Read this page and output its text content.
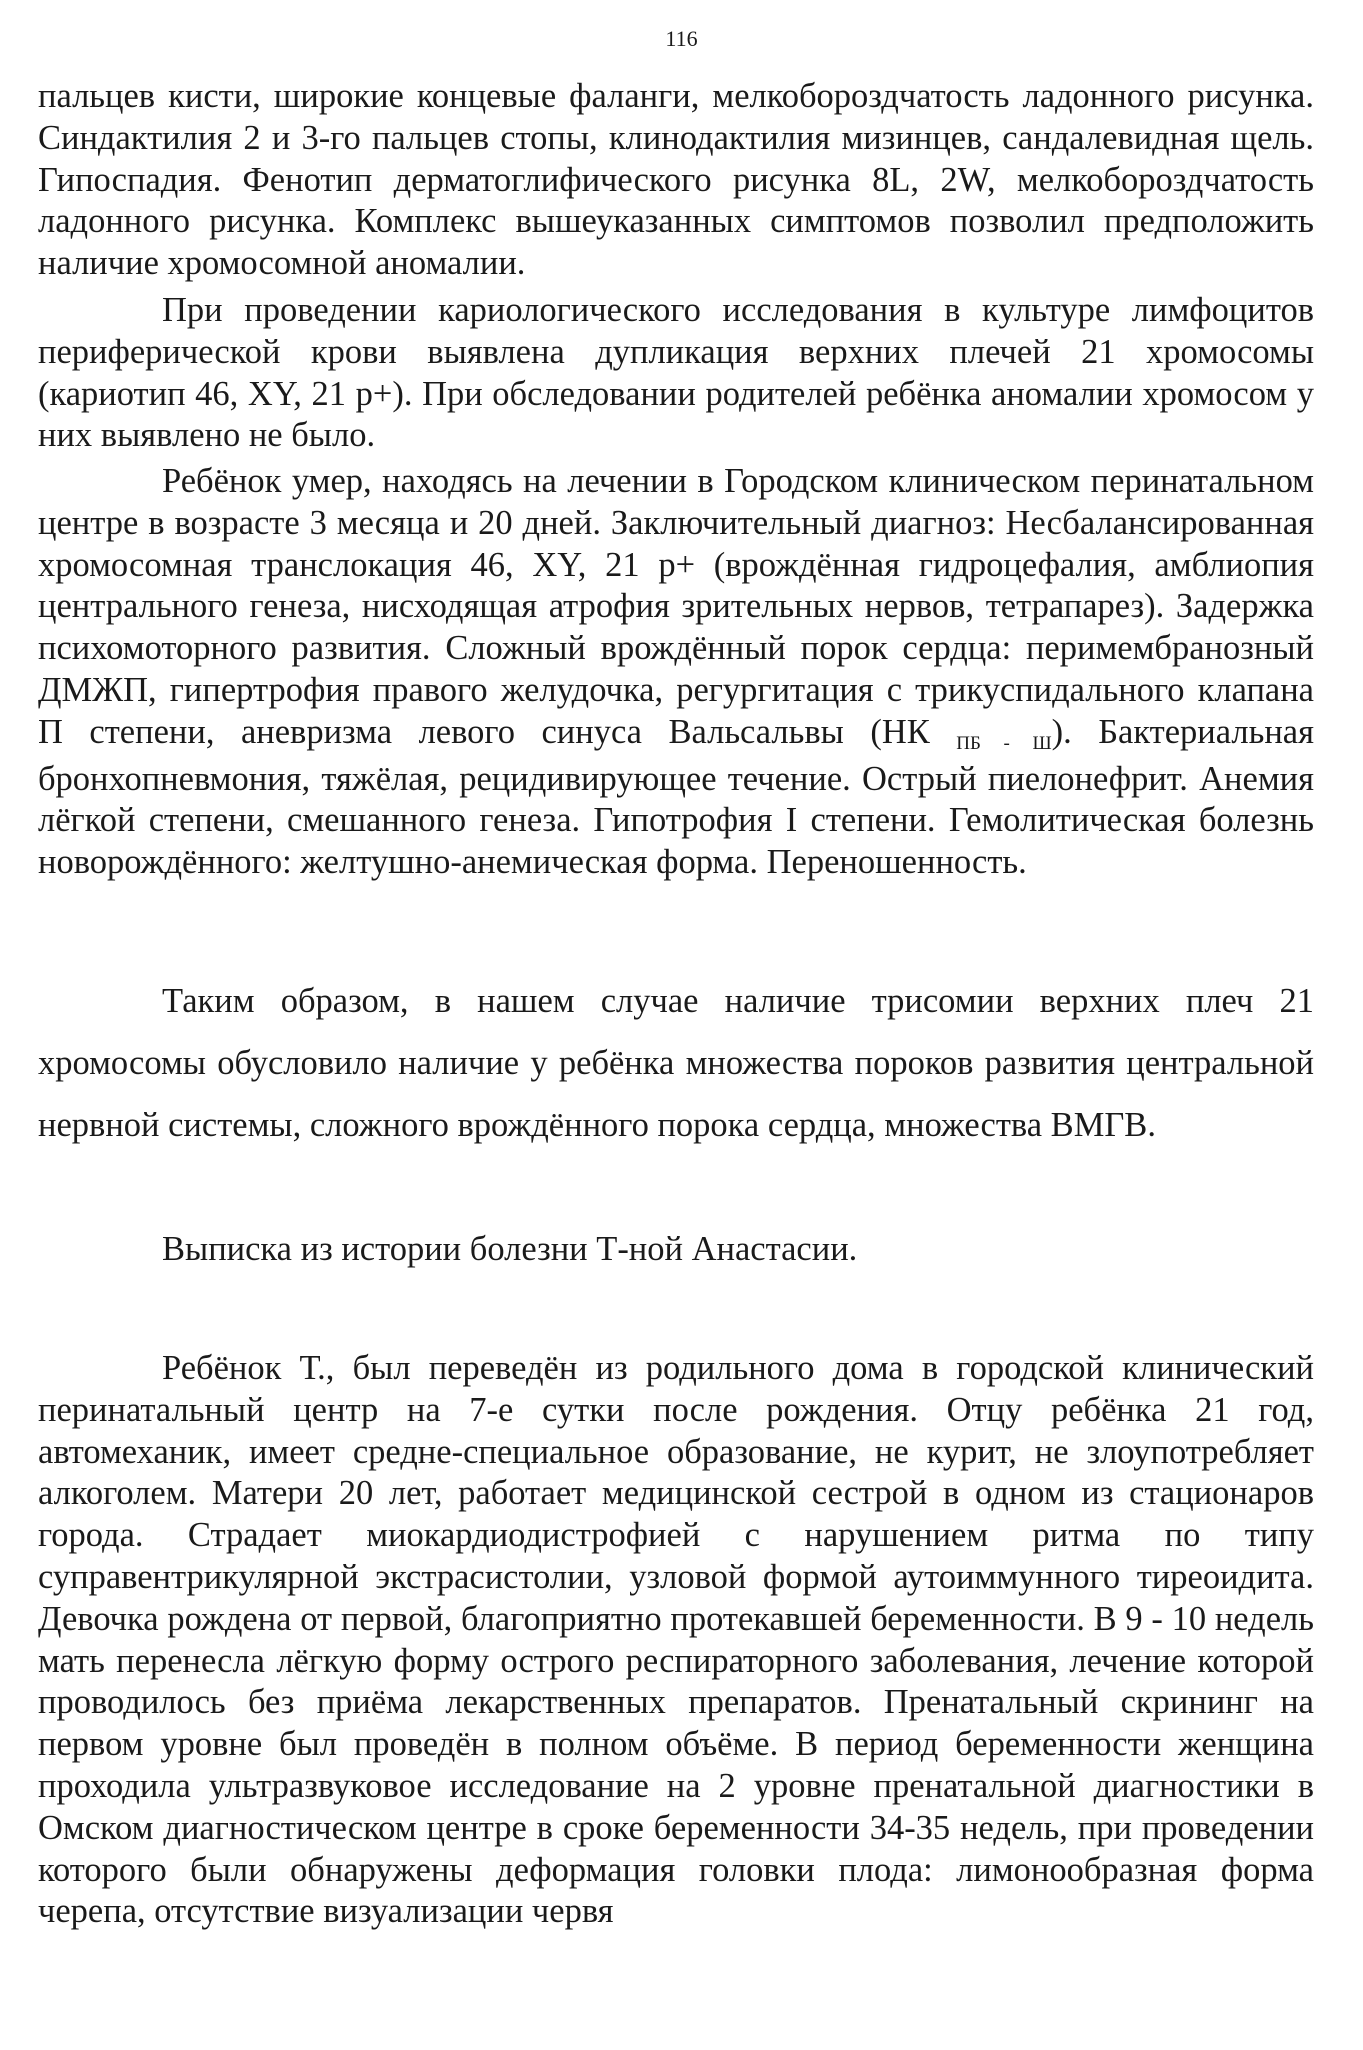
116

пальцев кисти, широкие концевые фаланги, мелкобороздчатость ладонного рисунка. Синдактилия 2 и 3-го пальцев стопы, клинодактилия мизинцев, сандалевидная щель. Гипоспадия. Фенотип дерматоглифического рисунка 8L, 2W, мелкобороздчатость ладонного рисунка. Комплекс вышеуказанных симптомов позволил предположить наличие хромосомной аномалии.

При проведении кариологического исследования в культуре лимфоцитов периферической крови выявлена дупликация верхних плечей 21 хромосомы (кариотип 46, XY, 21 p+). При обследовании родителей ребёнка аномалии хромосом у них выявлено не было.

Ребёнок умер, находясь на лечении в Городском клиническом перинатальном центре в возрасте 3 месяца и 20 дней. Заключительный диагноз: Несбалансированная хромосомная транслокация 46, XY, 21 p+ (врождённая гидроцефалия, амблиопия центрального генеза, нисходящая атрофия зрительных нервов, тетрапарез). Задержка психомоторного развития. Сложный врождённый порок сердца: перимембранозный ДМЖП, гипертрофия правого желудочка, регургитация с трикуспидального клапана П степени, аневризма левого синуса Вальсальвы (НК ПБ - Ш). Бактериальная бронхопневмония, тяжёлая, рецидивирующее течение. Острый пиелонефрит. Анемия лёгкой степени, смешанного генеза. Гипотрофия I степени. Гемолитическая болезнь новорождённого: желтушно-анемическая форма. Переношенность.

Таким образом, в нашем случае наличие трисомии верхних плеч 21 хромосомы обусловило наличие у ребёнка множества пороков развития центральной нервной системы, сложного врождённого порока сердца, множества ВМГВ.

Выписка из истории болезни Т-ной Анастасии.

Ребёнок Т., был переведён из родильного дома в городской клинический перинатальный центр на 7-е сутки после рождения. Отцу ребёнка 21 год, автомеханик, имеет средне-специальное образование, не курит, не злоупотребляет алкоголем. Матери 20 лет, работает медицинской сестрой в одном из стационаров города. Страдает миокардиодистрофией с нарушением ритма по типу суправентрикулярной экстрасистолии, узловой формой аутоиммунного тиреоидита. Девочка рождена от первой, благоприятно протекавшей беременности. В 9 - 10 недель мать перенесла лёгкую форму острого респираторного заболевания, лечение которой проводилось без приёма лекарственных препаратов. Пренатальный скрининг на первом уровне был проведён в полном объёме. В период беременности женщина проходила ультразвуковое исследование на 2 уровне пренатальной диагностики в Омском диагностическом центре в сроке беременности 34-35 недель, при проведении которого были обнаружены деформация головки плода: лимонообразная форма черепа, отсутствие визуализации червя
